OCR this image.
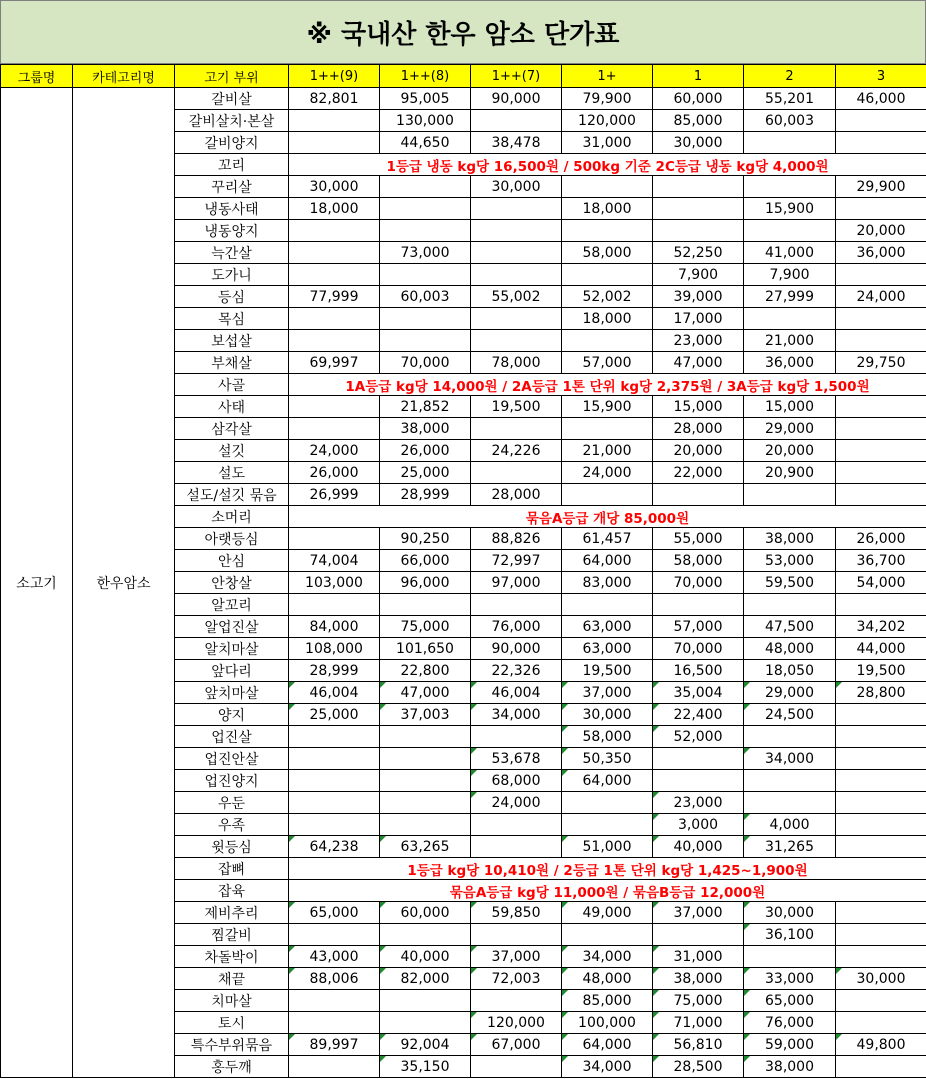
※ 국내산 한우 암소 단가표
그룹명	카테고리명	고기 부위	1++(9)	1++(8)	1++(7)	1+	1	2	3
소고기	한우암소	갈비살	82,801	95,005	90,000	79,900	60,000	55,201	46,000
		갈비살치·본살		130,000		120,000	85,000	60,003	
		갈비양지		44,650	38,478	31,000	30,000		
		꼬리	1등급 냉동 kg당 16,500원 / 500kg 기준 2C등급 냉동 kg당 4,000원						
		꾸리살	30,000		30,000				29,900
		냉동사태	18,000			18,000		15,900	
		냉동양지							20,000
		늑간살		73,000		58,000	52,250	41,000	36,000
		도가니					7,900	7,900	
		등심	77,999	60,003	55,002	52,002	39,000	27,999	24,000
		목심				18,000	17,000		
		보섭살					23,000	21,000	
		부채살	69,997	70,000	78,000	57,000	47,000	36,000	29,750
		사골	1A등급 kg당 14,000원 / 2A등급 1톤 단위 kg당 2,375원 / 3A등급 kg당 1,500원						
		사태		21,852	19,500	15,900	15,000	15,000	
		삼각살		38,000			28,000	29,000	
		설깃	24,000	26,000	24,226	21,000	20,000	20,000	
		설도	26,000	25,000		24,000	22,000	20,900	
		설도/설깃 묶음	26,999	28,999	28,000				
		소머리	묶음A등급 개당 85,000원						
		아랫등심		90,250	88,826	61,457	55,000	38,000	26,000
		안심	74,004	66,000	72,997	64,000	58,000	53,000	36,700
		안창살	103,000	96,000	97,000	83,000	70,000	59,500	54,000
		알꼬리							
		알업진살	84,000	75,000	76,000	63,000	57,000	47,500	34,202
		알치마살	108,000	101,650	90,000	63,000	70,000	48,000	44,000
		앞다리	28,999	22,800	22,326	19,500	16,500	18,050	19,500
		앞치마살	46,004	47,000	46,004	37,000	35,004	29,000	28,800
		양지	25,000	37,003	34,000	30,000	22,400	24,500	
		업진살				58,000	52,000		
		업진안살			53,678	50,350		34,000	
		업진양지			68,000	64,000			
		우둔			24,000		23,000		
		우족					3,000	4,000	
		윗등심	64,238	63,265		51,000	40,000	31,265	
		잡뼈	1등급 kg당 10,410원 / 2등급 1톤 단위 kg당 1,425~1,900원						
		잡육	묶음A등급 kg당 11,000원 / 묶음B등급 12,000원						
		제비추리	65,000	60,000	59,850	49,000	37,000	30,000	
		찜갈비						36,100	
		차돌박이	43,000	40,000	37,000	34,000	31,000		
		채끝	88,006	82,000	72,003	48,000	38,000	33,000	30,000
		치마살				85,000	75,000	65,000	
		토시			120,000	100,000	71,000	76,000	
		특수부위묶음	89,997	92,004	67,000	64,000	56,810	59,000	49,800
		홍두깨		35,150		34,000	28,500	38,000	
